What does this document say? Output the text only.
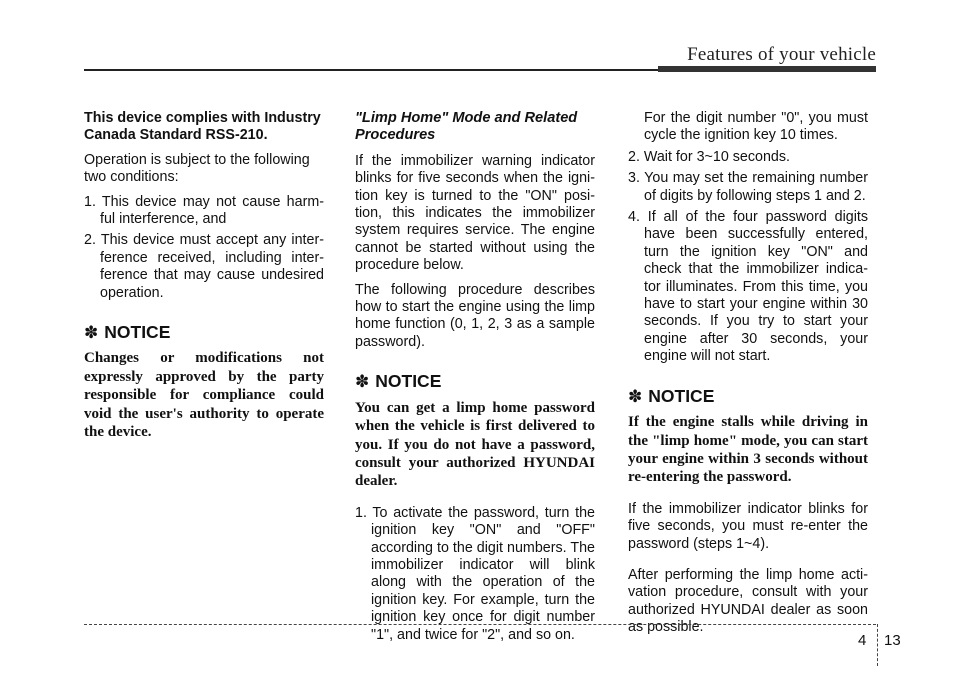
Features of your vehicle

This device complies with Industry Canada Standard RSS-210.

Operation is subject to the following two conditions:

1. This device may not cause harm-ful interference, and

2. This device must accept any inter-ference received, including inter-ference that may cause undesired operation.

✽ NOTICE

Changes or modifications not expressly approved by the party responsible for compliance could void the user's authority to operate the device.

"Limp Home" Mode and Related Procedures

If the immobilizer warning indicator blinks for five seconds when the igni-tion key is turned to the "ON" posi-tion, this indicates the immobilizer system requires service. The engine cannot be started without using the procedure below.

The following procedure describes how to start the engine using the limp home function (0, 1, 2, 3 as a sample password).

✽ NOTICE

You can get a limp home password when the vehicle is first delivered to you. If you do not have a password, consult your authorized HYUNDAI dealer.

1. To activate the password, turn the ignition key "ON" and "OFF" according to the digit numbers. The immobilizer indicator will blink along with the operation of the ignition key. For example, turn the ignition key once for digit number "1", and twice for "2", and so on.

For the digit number "0", you must cycle the ignition key 10 times.

2. Wait for 3~10 seconds.

3. You may set the remaining number of digits by following steps 1 and 2.

4. If all of the four password digits have been successfully entered, turn the ignition key "ON" and check that the immobilizer indica-tor illuminates. From this time, you have to start your engine within 30 seconds. If you try to start your engine after 30 seconds, your engine will not start.

✽ NOTICE

If the engine stalls while driving in the "limp home" mode, you can start your engine within 3 seconds without re-entering the password.

If the immobilizer indicator blinks for five seconds, you must re-enter the password (steps 1~4).

After performing the limp home acti-vation procedure, consult with your authorized HYUNDAI dealer as soon as possible.

4 13
